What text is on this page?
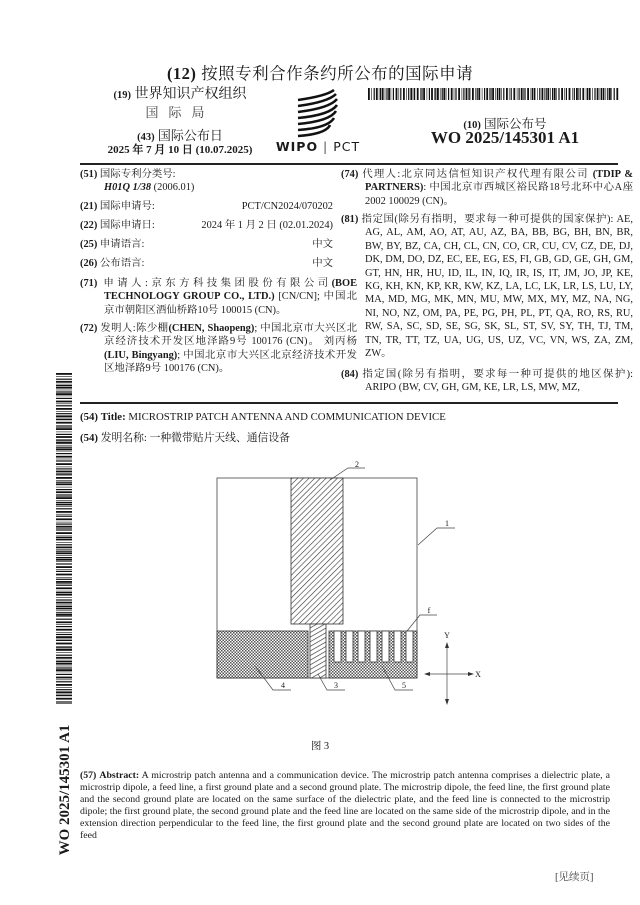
(12) 按照专利合作条约所公布的国际申请
(19) 世界知识产权组织
国际局
(43) 国际公布日
2025 年 7 月 10 日 (10.07.2025)	WIPO | PCT
(10) 国际公布号
WO 2025/145301 A1
(51) 国际专利分类号:
H01Q 1/38 (2006.01)
(21) 国际申请号:	PCT/CN2024/070202
(22) 国际申请日:	2024 年 1 月 2 日 (02.01.2024)
(25) 申请语言:	中文
(26) 公布语言:	中文
(71) 申请人:京东方科技集团股份有限公司(BOE TECHNOLOGY GROUP CO., LTD.) [CN/CN]; 中国北京市朝阳区酒仙桥路10号 100015 (CN)。
(72) 发明人:陈少棚(CHEN, Shaopeng); 中国北京市大兴区北京经济技术开发区地泽路9号 100176 (CN)。 刘丙杨(LIU, Bingyang); 中国北京市大兴区北京经济技术开发区地泽路9号 100176 (CN)。
(74) 代理人:北京同达信恒知识产权代理有限公司 (TDIP & PARTNERS): 中国北京市西城区裕民路18号北环中心A座2002 100029 (CN)。
(81) 指定国(除另有指明，要求每一种可提供的国家保护): AE, AG, AL, AM, AO, AT, AU, AZ, BA, BB, BG, BH, BN, BR, BW, BY, BZ, CA, CH, CL, CN, CO, CR, CU, CV, CZ, DE, DJ, DK, DM, DO, DZ, EC, EE, EG, ES, FI, GB, GD, GE, GH, GM, GT, HN, HR, HU, ID, IL, IN, IQ, IR, IS, IT, JM, JO, JP, KE, KG, KH, KN, KP, KR, KW, KZ, LA, LC, LK, LR, LS, LU, LY, MA, MD, MG, MK, MN, MU, MW, MX, MY, MZ, NA, NG, NI, NO, NZ, OM, PA, PE, PG, PH, PL, PT, QA, RO, RS, RU, RW, SA, SC, SD, SE, SG, SK, SL, ST, SV, SY, TH, TJ, TM, TN, TR, TT, TZ, UA, UG, US, UZ, VC, VN, WS, ZA, ZM, ZW。
(84) 指定国(除另有指明，要求每一种可提供的地区保护): ARIPO (BW, CV, GH, GM, KE, LR, LS, MW, MZ,
(54) Title: MICROSTRIP PATCH ANTENNA AND COMMUNICATION DEVICE
(54) 发明名称: 一种微带贴片天线、通信设备
2
1
f
4	3	5
Y
X
图 3
(57) Abstract: A microstrip patch antenna and a communication device. The microstrip patch antenna comprises a dielectric plate, a microstrip dipole, a feed line, a first ground plate and a second ground plate. The microstrip dipole, the feed line, the first ground plate and the second ground plate are located on the same surface of the dielectric plate, and the feed line is connected to the microstrip dipole; the first ground plate, the second ground plate and the feed line are located on the same side of the microstrip dipole, and in the extension direction perpendicular to the feed line, the first ground plate and the second ground plate are located on two sides of the feed
WO 2025/145301 A1
[见续页]
